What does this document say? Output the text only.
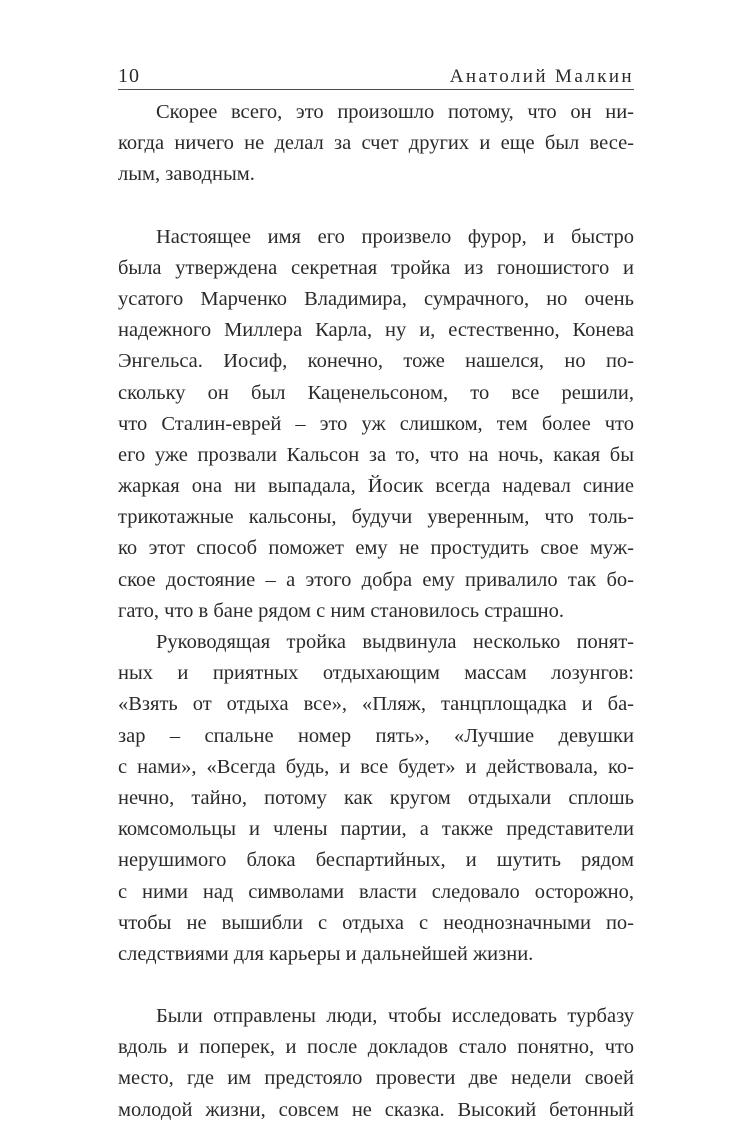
10	Анатолий Малкин
Скорее всего, это произошло потому, что он ни-
когда ничего не делал за счет других и еще был весе-
лым, заводным.
Настоящее имя его произвело фурор, и быстро
была утверждена секретная тройка из гоношистого и
усатого Марченко Владимира, сумрачного, но очень
надежного Миллера Карла, ну и, естественно, Конева
Энгельса. Иосиф, конечно, тоже нашелся, но по-
скольку он был Каценельсоном, то все решили,
что Сталин-еврей – это уж слишком, тем более что
его уже прозвали Кальсон за то, что на ночь, какая бы
жаркая она ни выпадала, Йосик всегда надевал синие
трикотажные кальсоны, будучи уверенным, что толь-
ко этот способ поможет ему не простудить свое муж-
ское достояние – а этого добра ему привалило так бо-
гато, что в бане рядом с ним становилось страшно.
Руководящая тройка выдвинула несколько понят-
ных и приятных отдыхающим массам лозунгов:
«Взять от отдыха все», «Пляж, танцплощадка и ба-
зар – спальне номер пять», «Лучшие девушки
с нами», «Всегда будь, и все будет» и действовала, ко-
нечно, тайно, потому как кругом отдыхали сплошь
комсомольцы и члены партии, а также представители
нерушимого блока беспартийных, и шутить рядом
с ними над символами власти следовало осторожно,
чтобы не вышибли с отдыха с неоднозначными по-
следствиями для карьеры и дальнейшей жизни.
Были отправлены люди, чтобы исследовать турбазу
вдоль и поперек, и после докладов стало понятно, что
место, где им предстояло провести две недели своей
молодой жизни, совсем не сказка. Высокий бетонный
